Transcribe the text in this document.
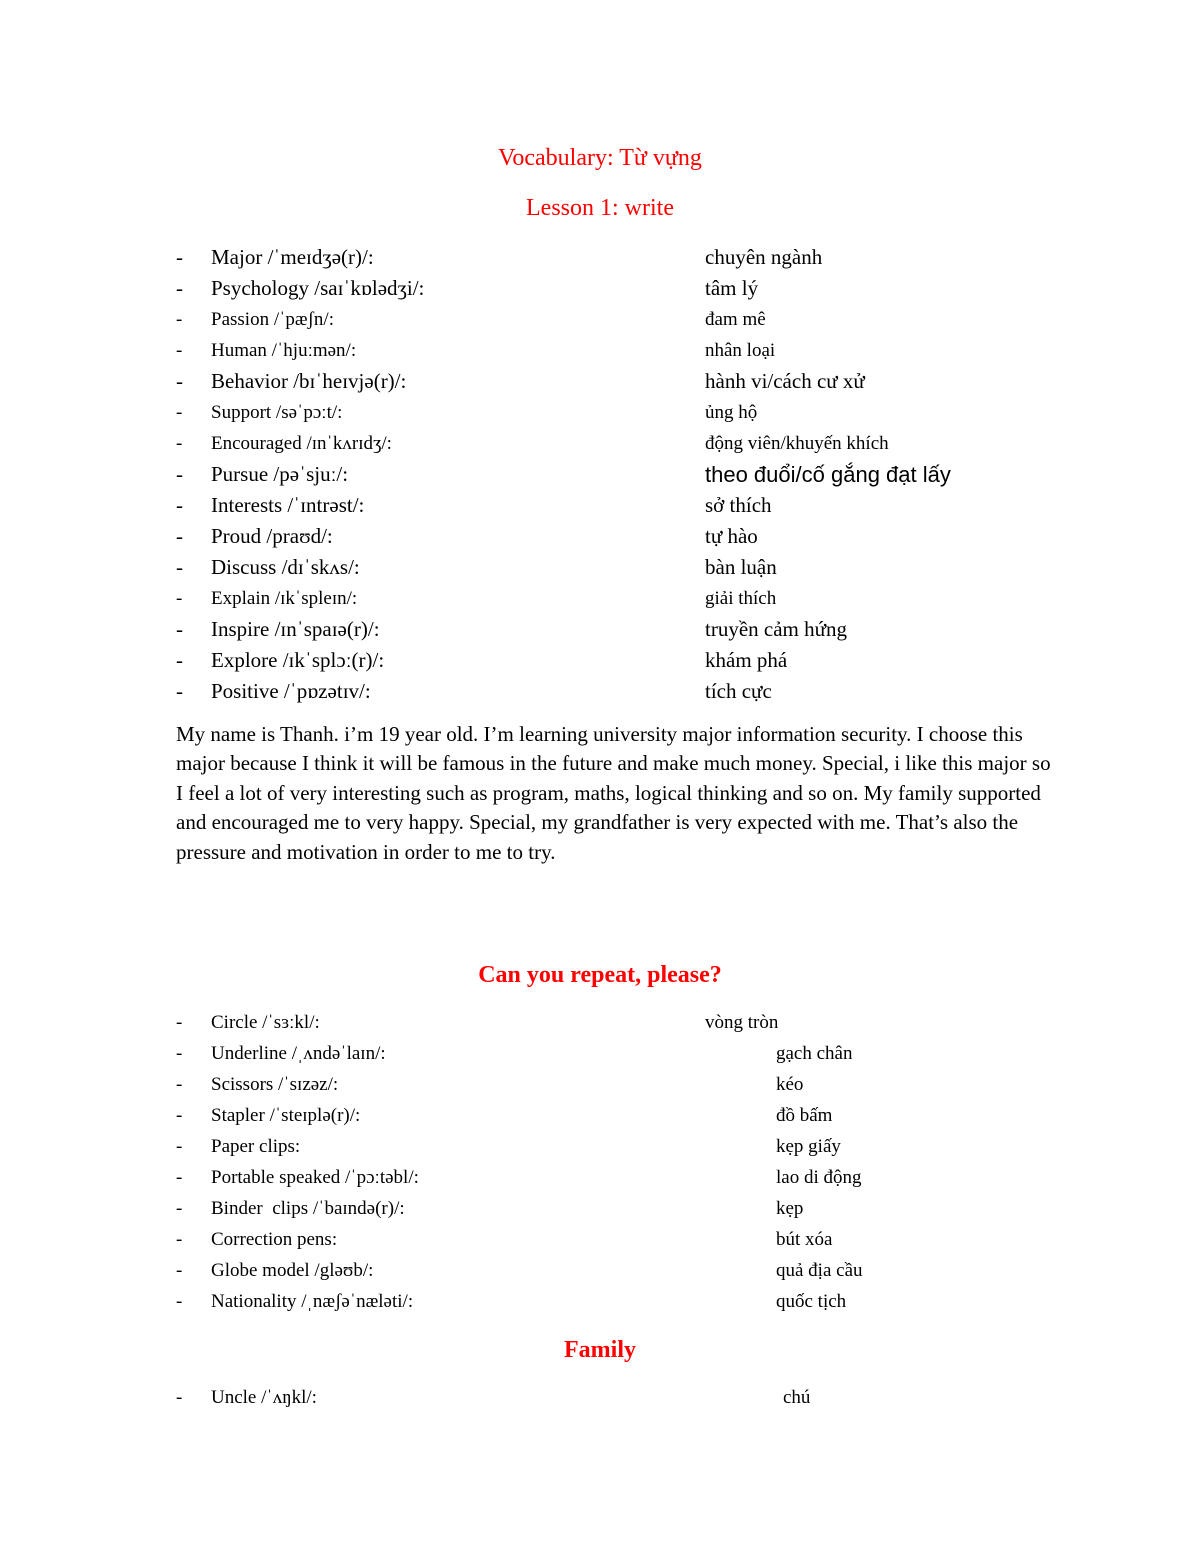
Vocabulary: Từ vựng
Lesson 1: write
- Major /ˈmeɪdʒə(r)/:	chuyên ngành
- Psychology /saɪˈkɒlədʒi/:	tâm lý
- Passion /ˈpæʃn/:	đam mê
- Human /ˈhjuːmən/:	nhân loại
- Behavior /bɪˈheɪvjə(r)/:	hành vi/cách cư xử
- Support /səˈpɔːt/:	ủng hộ
- Encouraged /ɪnˈkʌrɪdʒ/:	động viên/khuyến khích
- Pursue /pəˈsjuː/:	theo đuổi/cố gắng đạt lấy
- Interests /ˈɪntrəst/:	sở thích
- Proud /praʊd/:	tự hào
- Discuss /dɪˈskʌs/:	bàn luận
- Explain /ɪkˈspleɪn/:	giải thích
- Inspire /ɪnˈspaɪə(r)/:	truyền cảm hứng
- Explore /ɪkˈsplɔː(r)/:	khám phá
- Positive /ˈpɒzətɪv/:	tích cực

My name is Thanh. i’m 19 year old. I’m learning university major information security. I choose this major because I think it will be famous in the future and make much money. Special, i like this major so I feel a lot of very interesting such as program, maths, logical thinking and so on. My family supported and encouraged me to very happy. Special, my grandfather is very expected with me. That’s also the pressure and motivation in order to me to try.

Can you repeat, please?
- Circle /ˈsɜːkl/:	vòng tròn
- Underline /ˌʌndəˈlaɪn/:	gạch chân
- Scissors /ˈsɪzəz/:	kéo
- Stapler /ˈsteɪplə(r)/:	đồ bấm
- Paper clips:	kẹp giấy
- Portable speaked /ˈpɔːtəbl/:	lao di động
- Binder  clips /ˈbaɪndə(r)/:	kẹp
- Correction pens:	bút xóa
- Globe model /gləʊb/:	quả địa cầu
- Nationality /ˌnæʃəˈnæləti/:	quốc tịch
Family
- Uncle /ˈʌŋkl/:	chú
